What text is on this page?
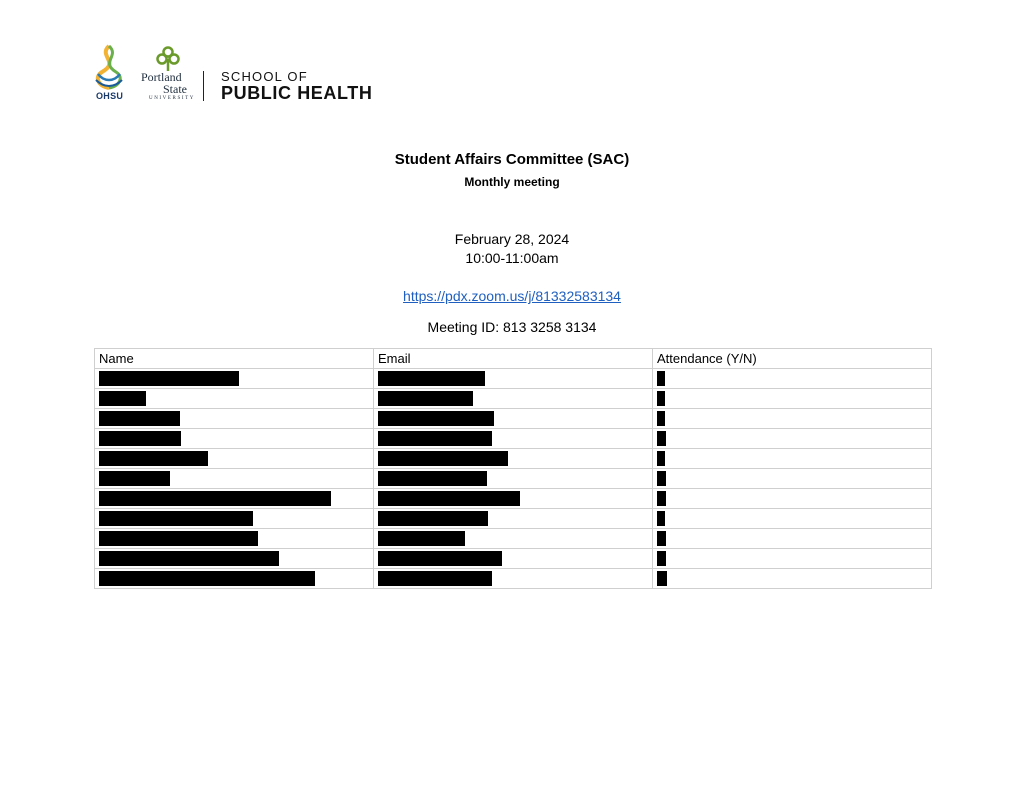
OHSU
Portland
State
UNIVERSITY
SCHOOL OF
PUBLIC HEALTH
Student Affairs Committee (SAC)
Monthly meeting
February 28, 2024
10:00-11:00am
https://pdx.zoom.us/j/81332583134
Meeting ID: 813 3258 3134
Name	Email	Attendance (Y/N)
